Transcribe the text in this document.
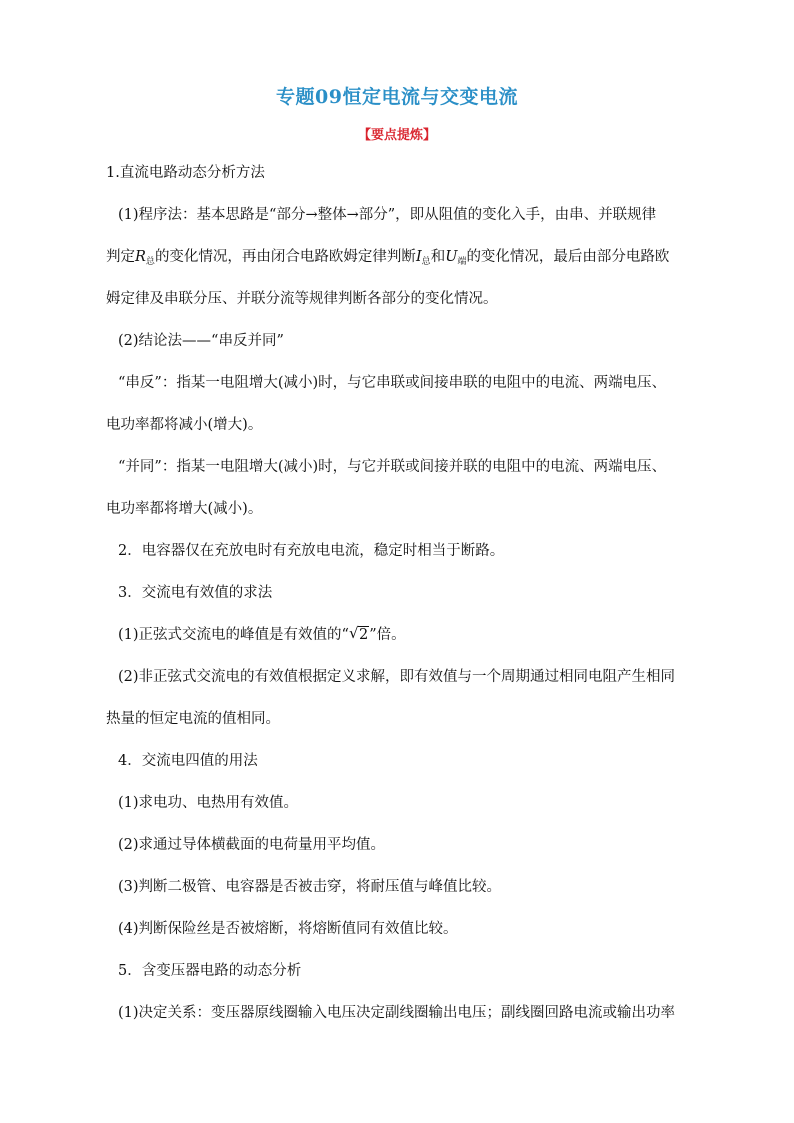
专题09恒定电流与交变电流
【要点提炼】
1.直流电路动态分析方法
(1)程序法：基本思路是“部分→整体→部分”，即从阻值的变化入手，由串、并联规律
判定$R_总$的变化情况，再由闭合电路欧姆定律判断$I_总$和$U_端$的变化情况，最后由部分电路欧
姆定律及串联分压、并联分流等规律判断各部分的变化情况。
(2)结论法——“串反并同”
“串反”：指某一电阻增大(减小)时，与它串联或间接串联的电阻中的电流、两端电压、
电功率都将减小(增大)。
“并同”：指某一电阻增大(减小)时，与它并联或间接并联的电阻中的电流、两端电压、
电功率都将增大(减小)。
2．电容器仅在充放电时有充放电电流，稳定时相当于断路。
3．交流电有效值的求法
(1)正弦式交流电的峰值是有效值的“ √ 2”倍。
(2)非正弦式交流电的有效值根据定义求解，即有效值与一个周期通过相同电阻产生相同
热量的恒定电流的值相同。
4．交流电四值的用法
(1)求电功、电热用有效值。
(2)求通过导体横截面的电荷量用平均值。
(3)判断二极管、电容器是否被击穿，将耐压值与峰值比较。
(4)判断保险丝是否被熔断，将熔断值同有效值比较。
5．含变压器电路的动态分析
(1)决定关系：变压器原线圈输入电压决定副线圈输出电压；副线圈回路电流或输出功率
